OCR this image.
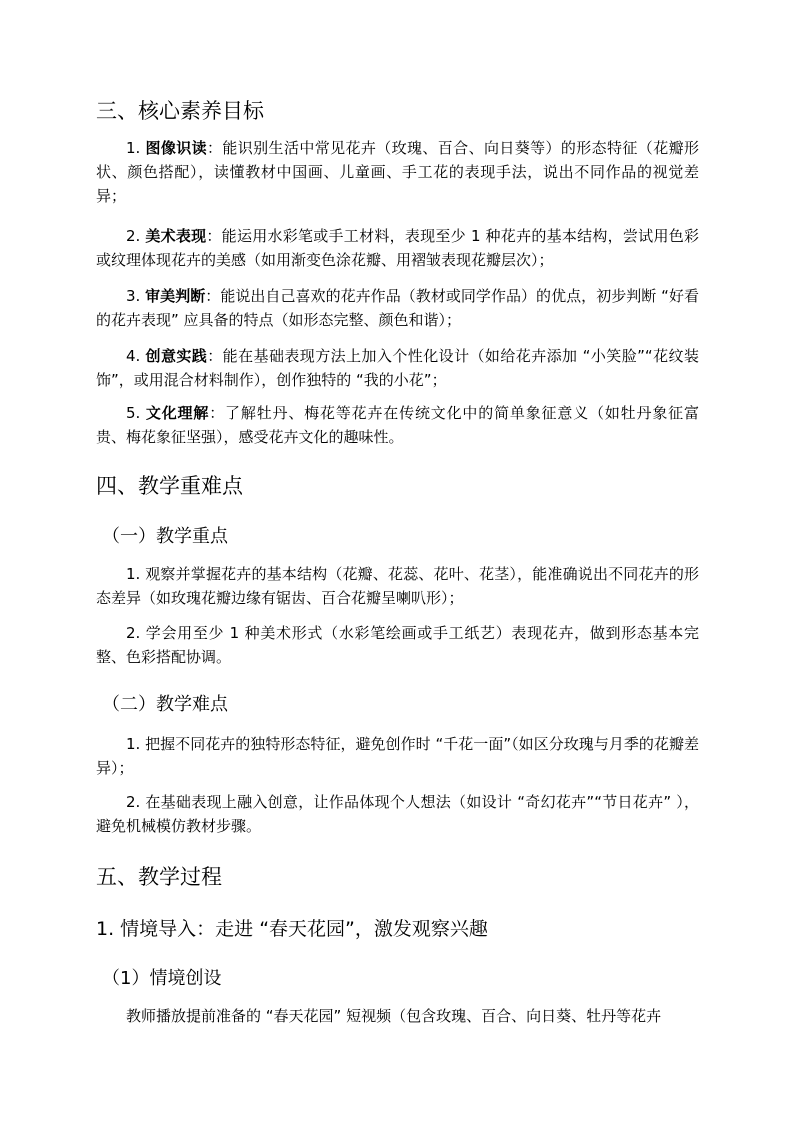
三、核心素养目标

1. 图像识读：能识别生活中常见花卉（玫瑰、百合、向日葵等）的形态特征（花瓣形状、颜色搭配），读懂教材中国画、儿童画、手工花的表现手法，说出不同作品的视觉差异；

2. 美术表现：能运用水彩笔或手工材料，表现至少 1 种花卉的基本结构，尝试用色彩或纹理体现花卉的美感（如用渐变色涂花瓣、用褶皱表现花瓣层次）；

3. 审美判断：能说出自己喜欢的花卉作品（教材或同学作品）的优点，初步判断 “好看的花卉表现” 应具备的特点（如形态完整、颜色和谐）；

4. 创意实践：能在基础表现方法上加入个性化设计（如给花卉添加 “小笑脸”“花纹装饰”，或用混合材料制作），创作独特的 “我的小花”；

5. 文化理解：了解牡丹、梅花等花卉在传统文化中的简单象征意义（如牡丹象征富贵、梅花象征坚强），感受花卉文化的趣味性。

四、教学重难点
（一）教学重点

1. 观察并掌握花卉的基本结构（花瓣、花蕊、花叶、花茎），能准确说出不同花卉的形态差异（如玫瑰花瓣边缘有锯齿、百合花瓣呈喇叭形）；

2. 学会用至少 1 种美术形式（水彩笔绘画或手工纸艺）表现花卉，做到形态基本完整、色彩搭配协调。

（二）教学难点

1. 把握不同花卉的独特形态特征，避免创作时 “千花一面”（如区分玫瑰与月季的花瓣差异）；

2. 在基础表现上融入创意，让作品体现个人想法（如设计 “奇幻花卉”“节日花卉” ），避免机械模仿教材步骤。

五、教学过程
1. 情境导入：走进 “春天花园”，激发观察兴趣
（1）情境创设

教师播放提前准备的 “春天花园” 短视频（包含玫瑰、百合、向日葵、牡丹等花卉
